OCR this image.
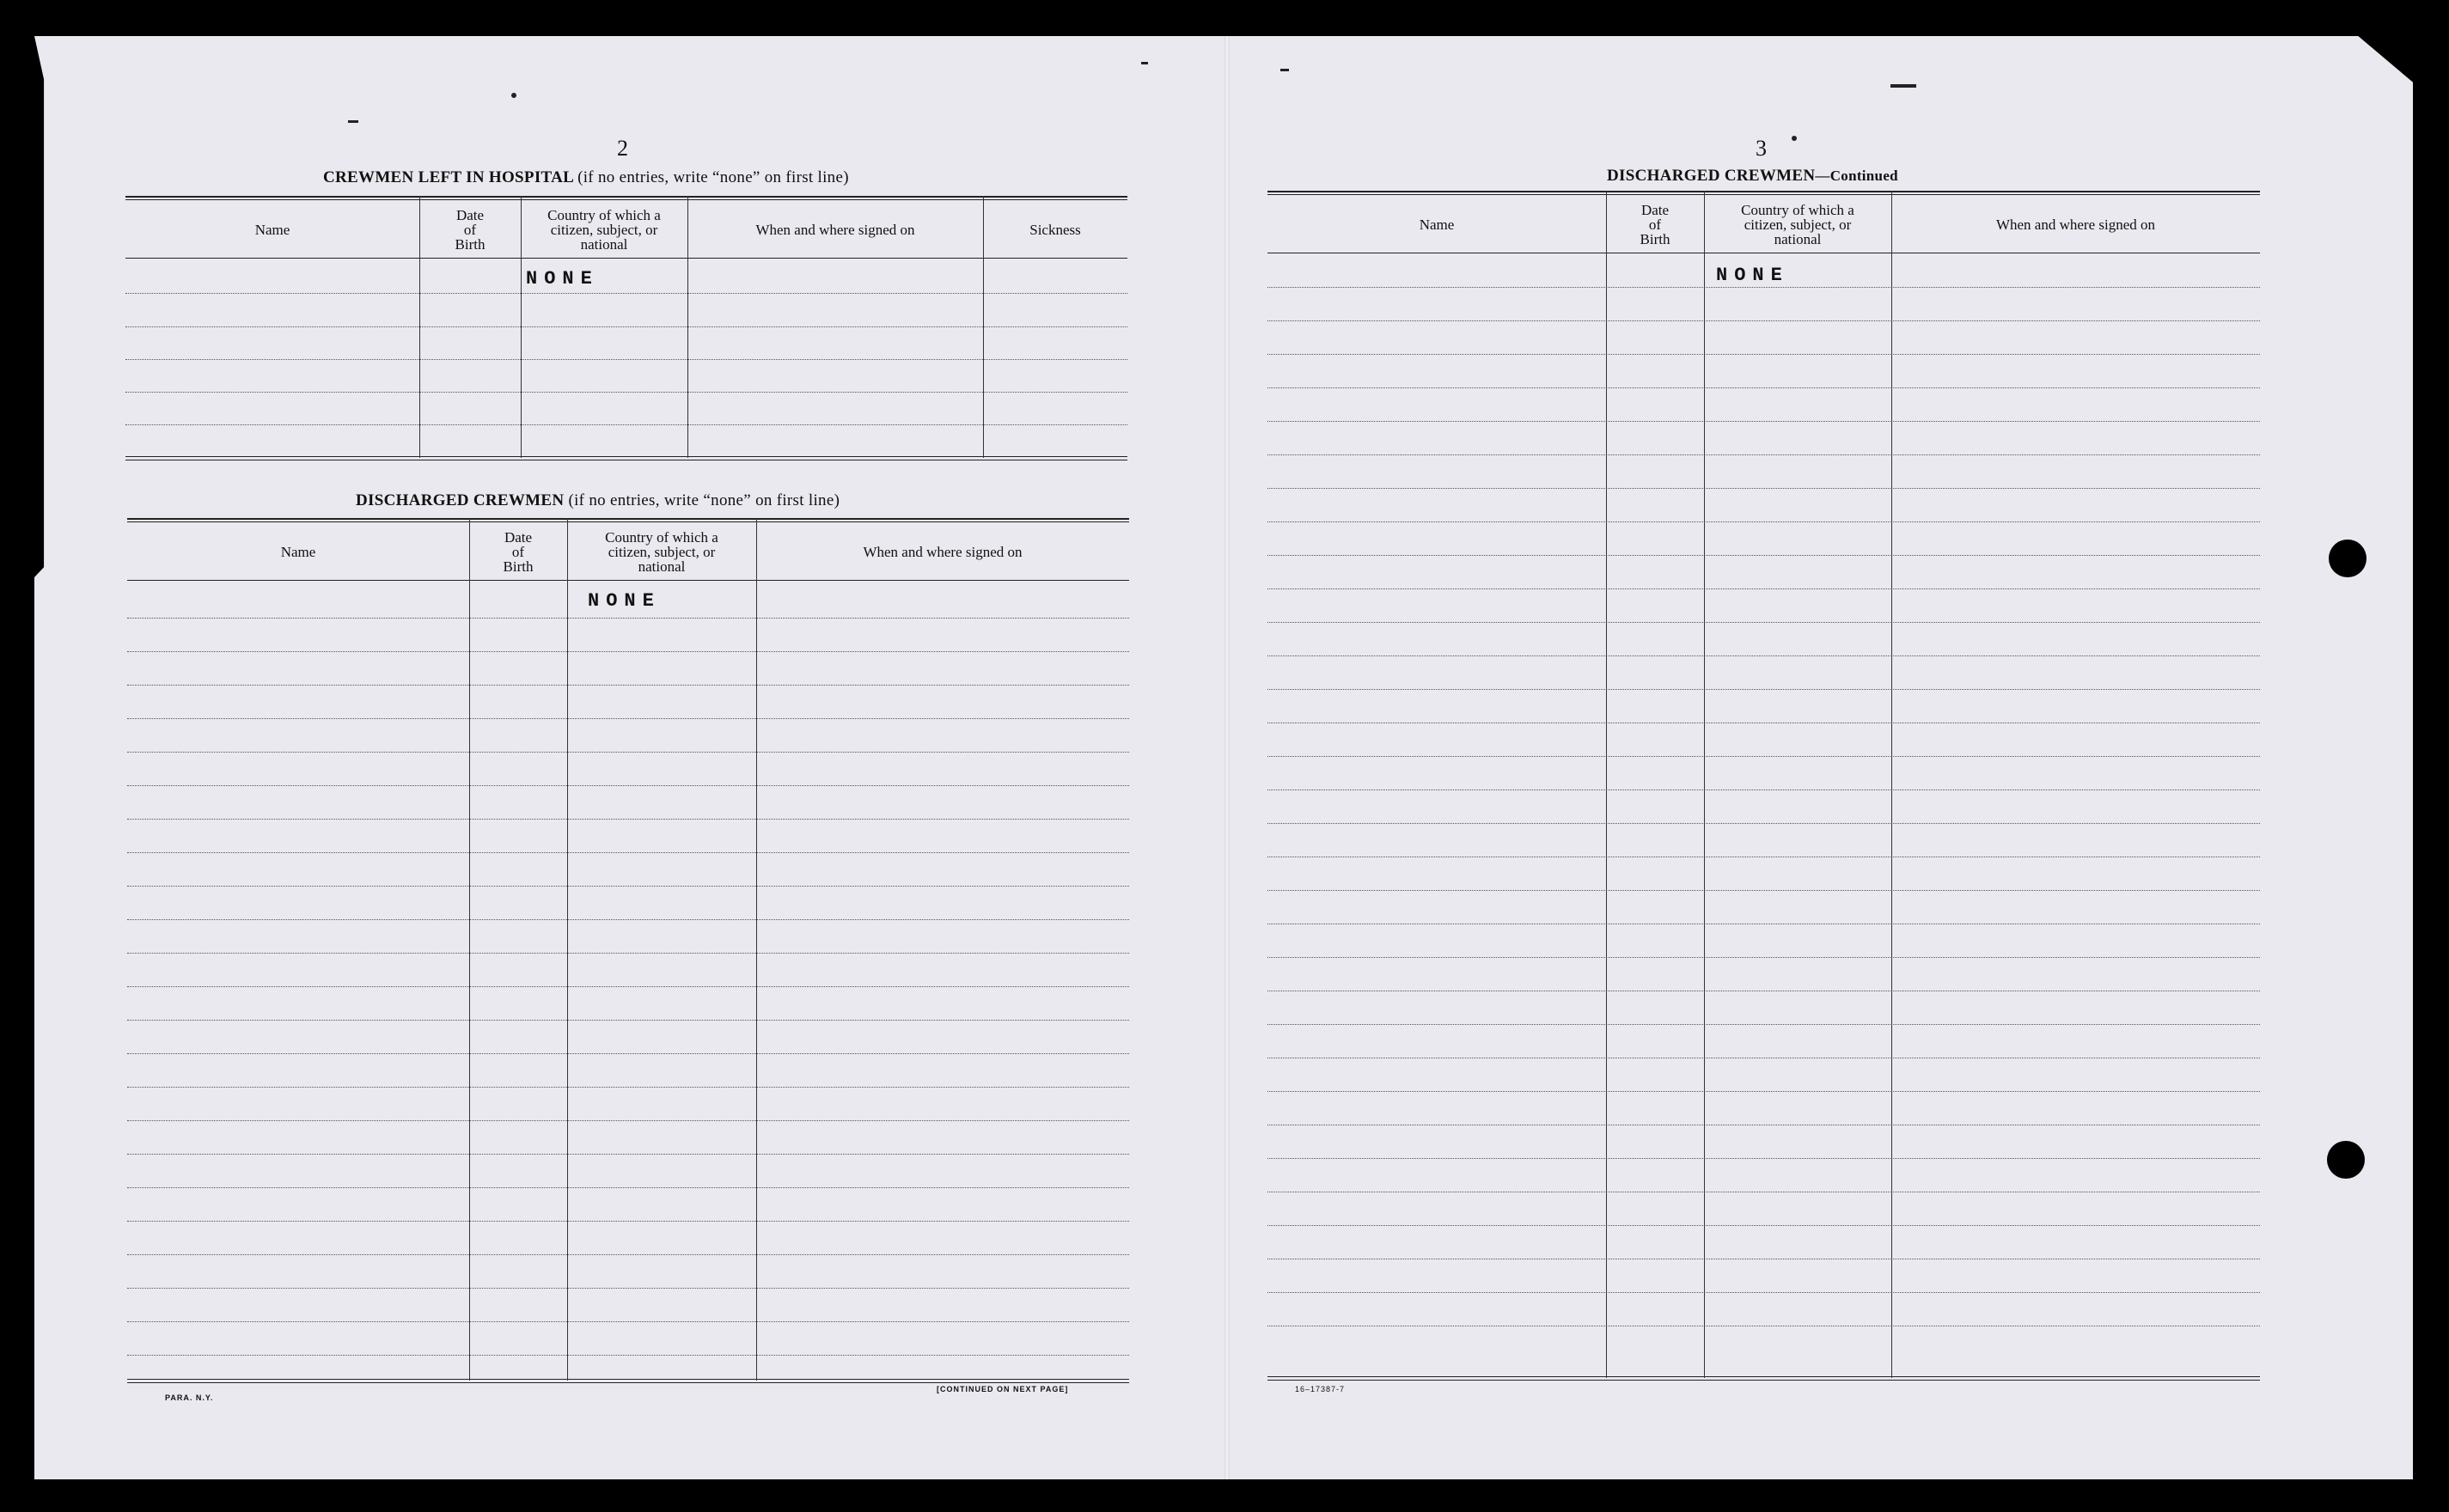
2
CREWMEN LEFT IN HOSPITAL (if no entries, write “none” on first line)
Name
Date of Birth
Country of which a citizen, subject, or national
When and where signed on	Sickness
NONE
DISCHARGED CREWMEN (if no entries, write “none” on first line)
Name
Date of Birth
Country of which a citizen, subject, or national
When and where signed on
NONE
PARA. N.Y.
[CONTINUED ON NEXT PAGE]
3
DISCHARGED CREWMEN—Continued
Name
Date of Birth
Country of which a citizen, subject, or national
When and where signed on
NONE
16–17387-7
